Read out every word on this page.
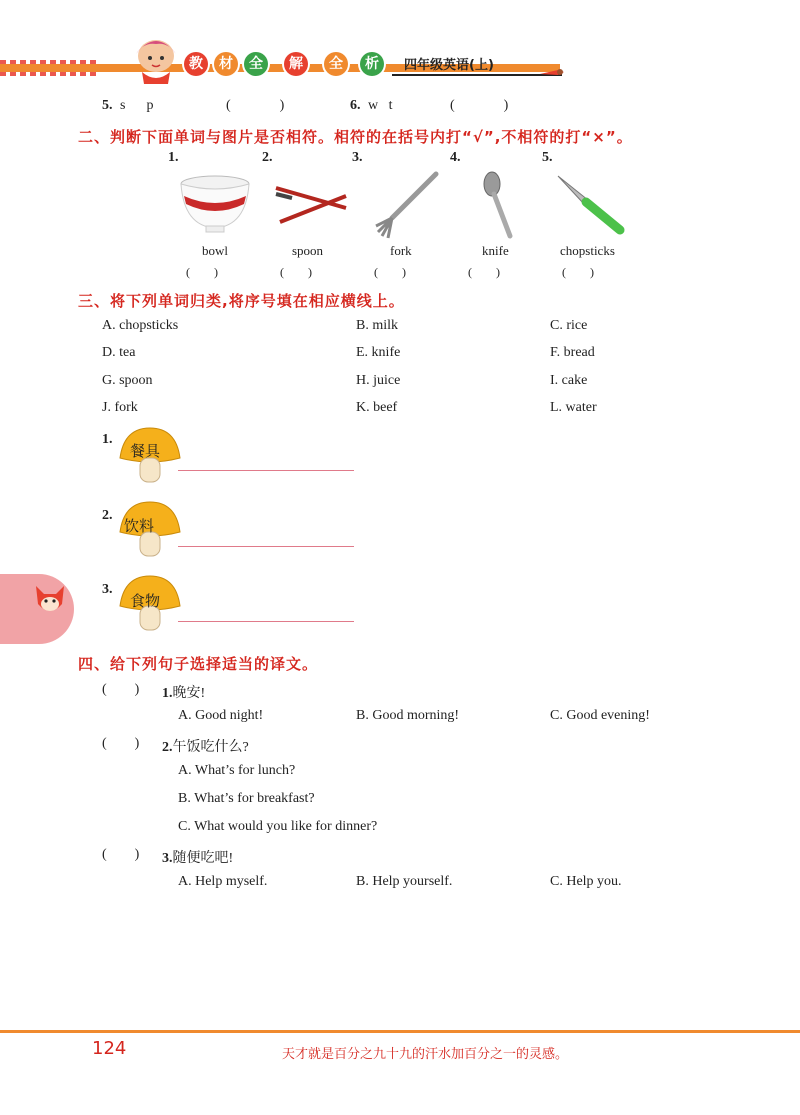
教	材	全	解	全	析	四年级英语(上)
5. s      p	(              )	6. w   t	(              )
二、判断下面单词与图片是否相符。相符的在括号内打“√”,不相符的打“×”。
1.	2.	3.	4.	5.
bowl	spoon	fork	knife	chopsticks
(        )	(        )	(        )	(        )	(        )
三、将下列单词归类,将序号填在相应横线上。
A. chopsticks	B. milk	C. rice
D. tea	E. knife	F. bread
G. spoon	H. juice	I. cake
J. fork	K. beef	L. water
1.
餐具
2.
饮料
3.
食物
四、给下列句子选择适当的译文。
(        ) 1.晚安!
A. Good night!	B. Good morning!	C. Good evening!
(        ) 2.午饭吃什么?
A. What’s for lunch?
B. What’s for breakfast?
C. What would you like for dinner?
(        ) 3.随便吃吧!
A. Help myself.	B. Help yourself.	C. Help you.
124	天才就是百分之九十九的汗水加百分之一的灵感。
